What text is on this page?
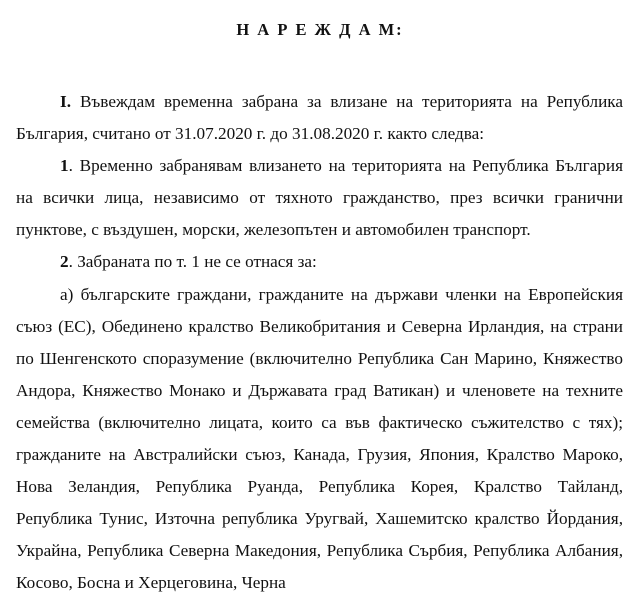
Н А Р Е Ж Д А М:

I. Въвеждам временна забрана за влизане на територията на Република България, считано от 31.07.2020 г. до 31.08.2020 г. както следва:

1. Временно забранявам влизането на територията на Република България на всички лица, независимо от тяхното гражданство, през всички гранични пунктове, с въздушен, морски, железопътен и автомобилен транспорт.

2. Забраната по т. 1 не се отнася за:

а) българските граждани, гражданите на държави членки на Европейския съюз (ЕС), Обединено кралство Великобритания и Северна Ирландия, на страни по Шенгенското споразумение (включително Република Сан Марино, Княжество Андора, Княжество Монако и Държавата град Ватикан) и членовете на техните семейства (включително лицата, които са във фактическо съжителство с тях); гражданите на Австралийски съюз, Канада, Грузия, Япония, Кралство Мароко, Нова Зеландия, Република Руанда, Република Корея, Кралство Тайланд, Република Тунис, Източна република Уругвай, Хашемитско кралство Йордания, Украйна, Република Северна Македония, Република Сърбия, Република Албания, Косово, Босна и Херцеговина, Черна
